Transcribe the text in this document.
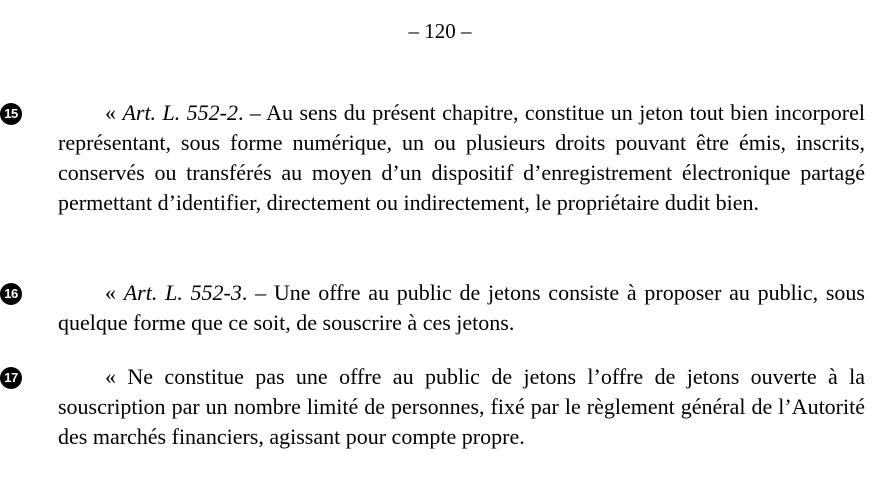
– 120 –
15	« Art. L. 552-2. – Au sens du présent chapitre, constitue un jeton tout bien incorporel représentant, sous forme numérique, un ou plusieurs droits pouvant être émis, inscrits, conservés ou transférés au moyen d’un dispositif d’enregistrement électronique partagé permettant d’identifier, directement ou indirectement, le propriétaire dudit bien.
16	« Art. L. 552-3. – Une offre au public de jetons consiste à proposer au public, sous quelque forme que ce soit, de souscrire à ces jetons.
17	« Ne constitue pas une offre au public de jetons l’offre de jetons ouverte à la souscription par un nombre limité de personnes, fixé par le règlement général de l’Autorité des marchés financiers, agissant pour compte propre.
